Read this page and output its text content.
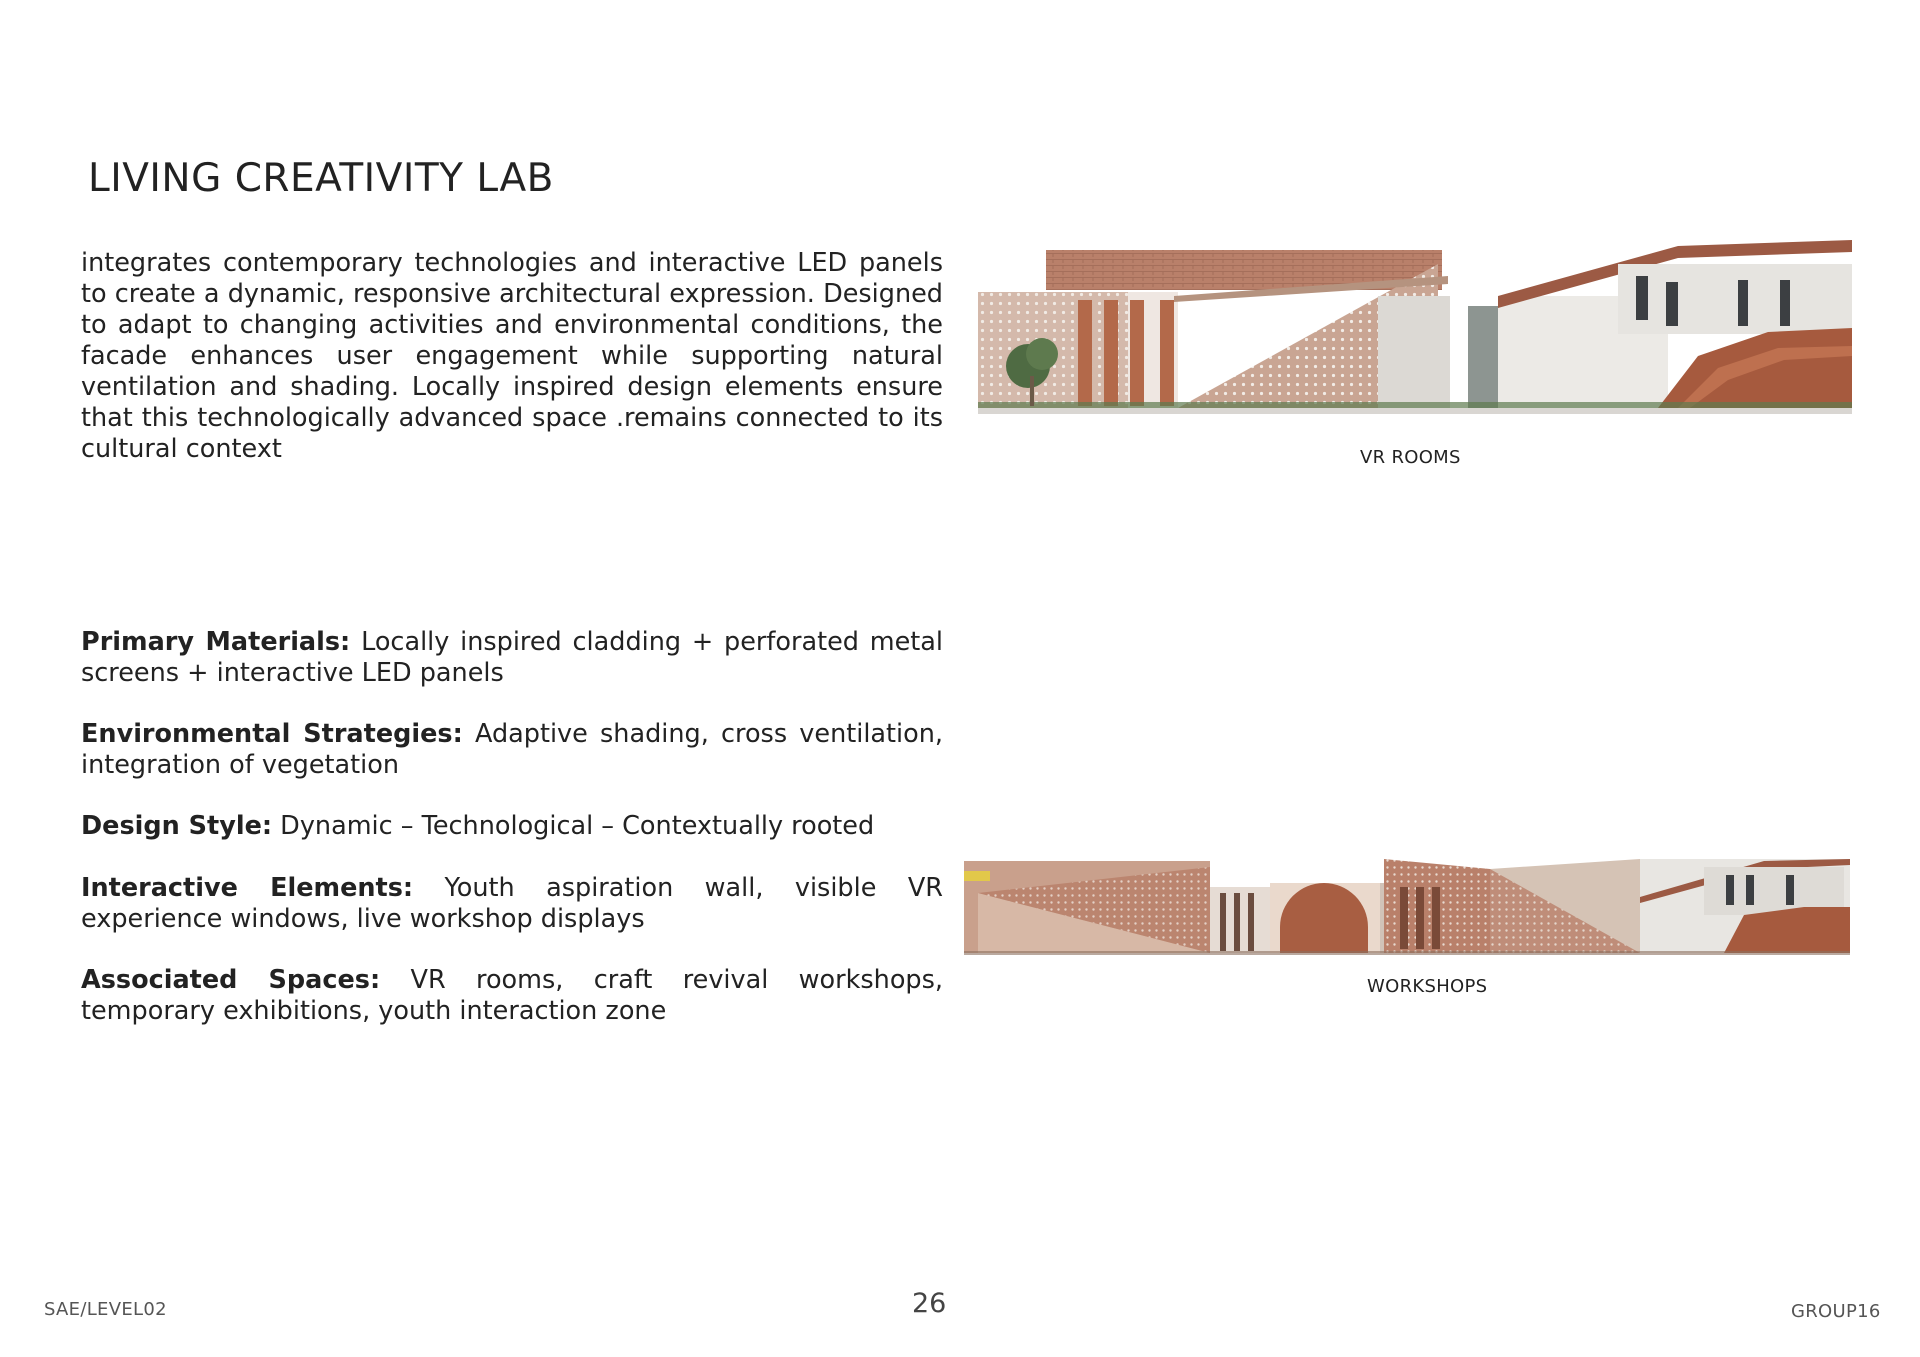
LIVING CREATIVITY LAB
integrates contemporary technologies and interactive LED panels to create a dynamic, responsive architectural expression. Designed to adapt to changing activities and environmental conditions, the facade enhances user engagement while supporting natural ventilation and shading. Locally inspired design elements ensure that this technologically advanced space .remains connected to its cultural context

Primary Materials: Locally inspired cladding + perforated metal screens + interactive LED panels

Environmental Strategies: Adaptive shading, cross ventilation, integration of vegetation

Design Style: Dynamic – Technological – Contextually rooted

Interactive Elements: Youth aspiration wall, visible VR experience windows, live workshop displays

Associated Spaces: VR rooms, craft revival workshops, temporary exhibitions, youth interaction zone

VR ROOMS
WORKSHOPS
SAE/LEVEL02	26	GROUP16
